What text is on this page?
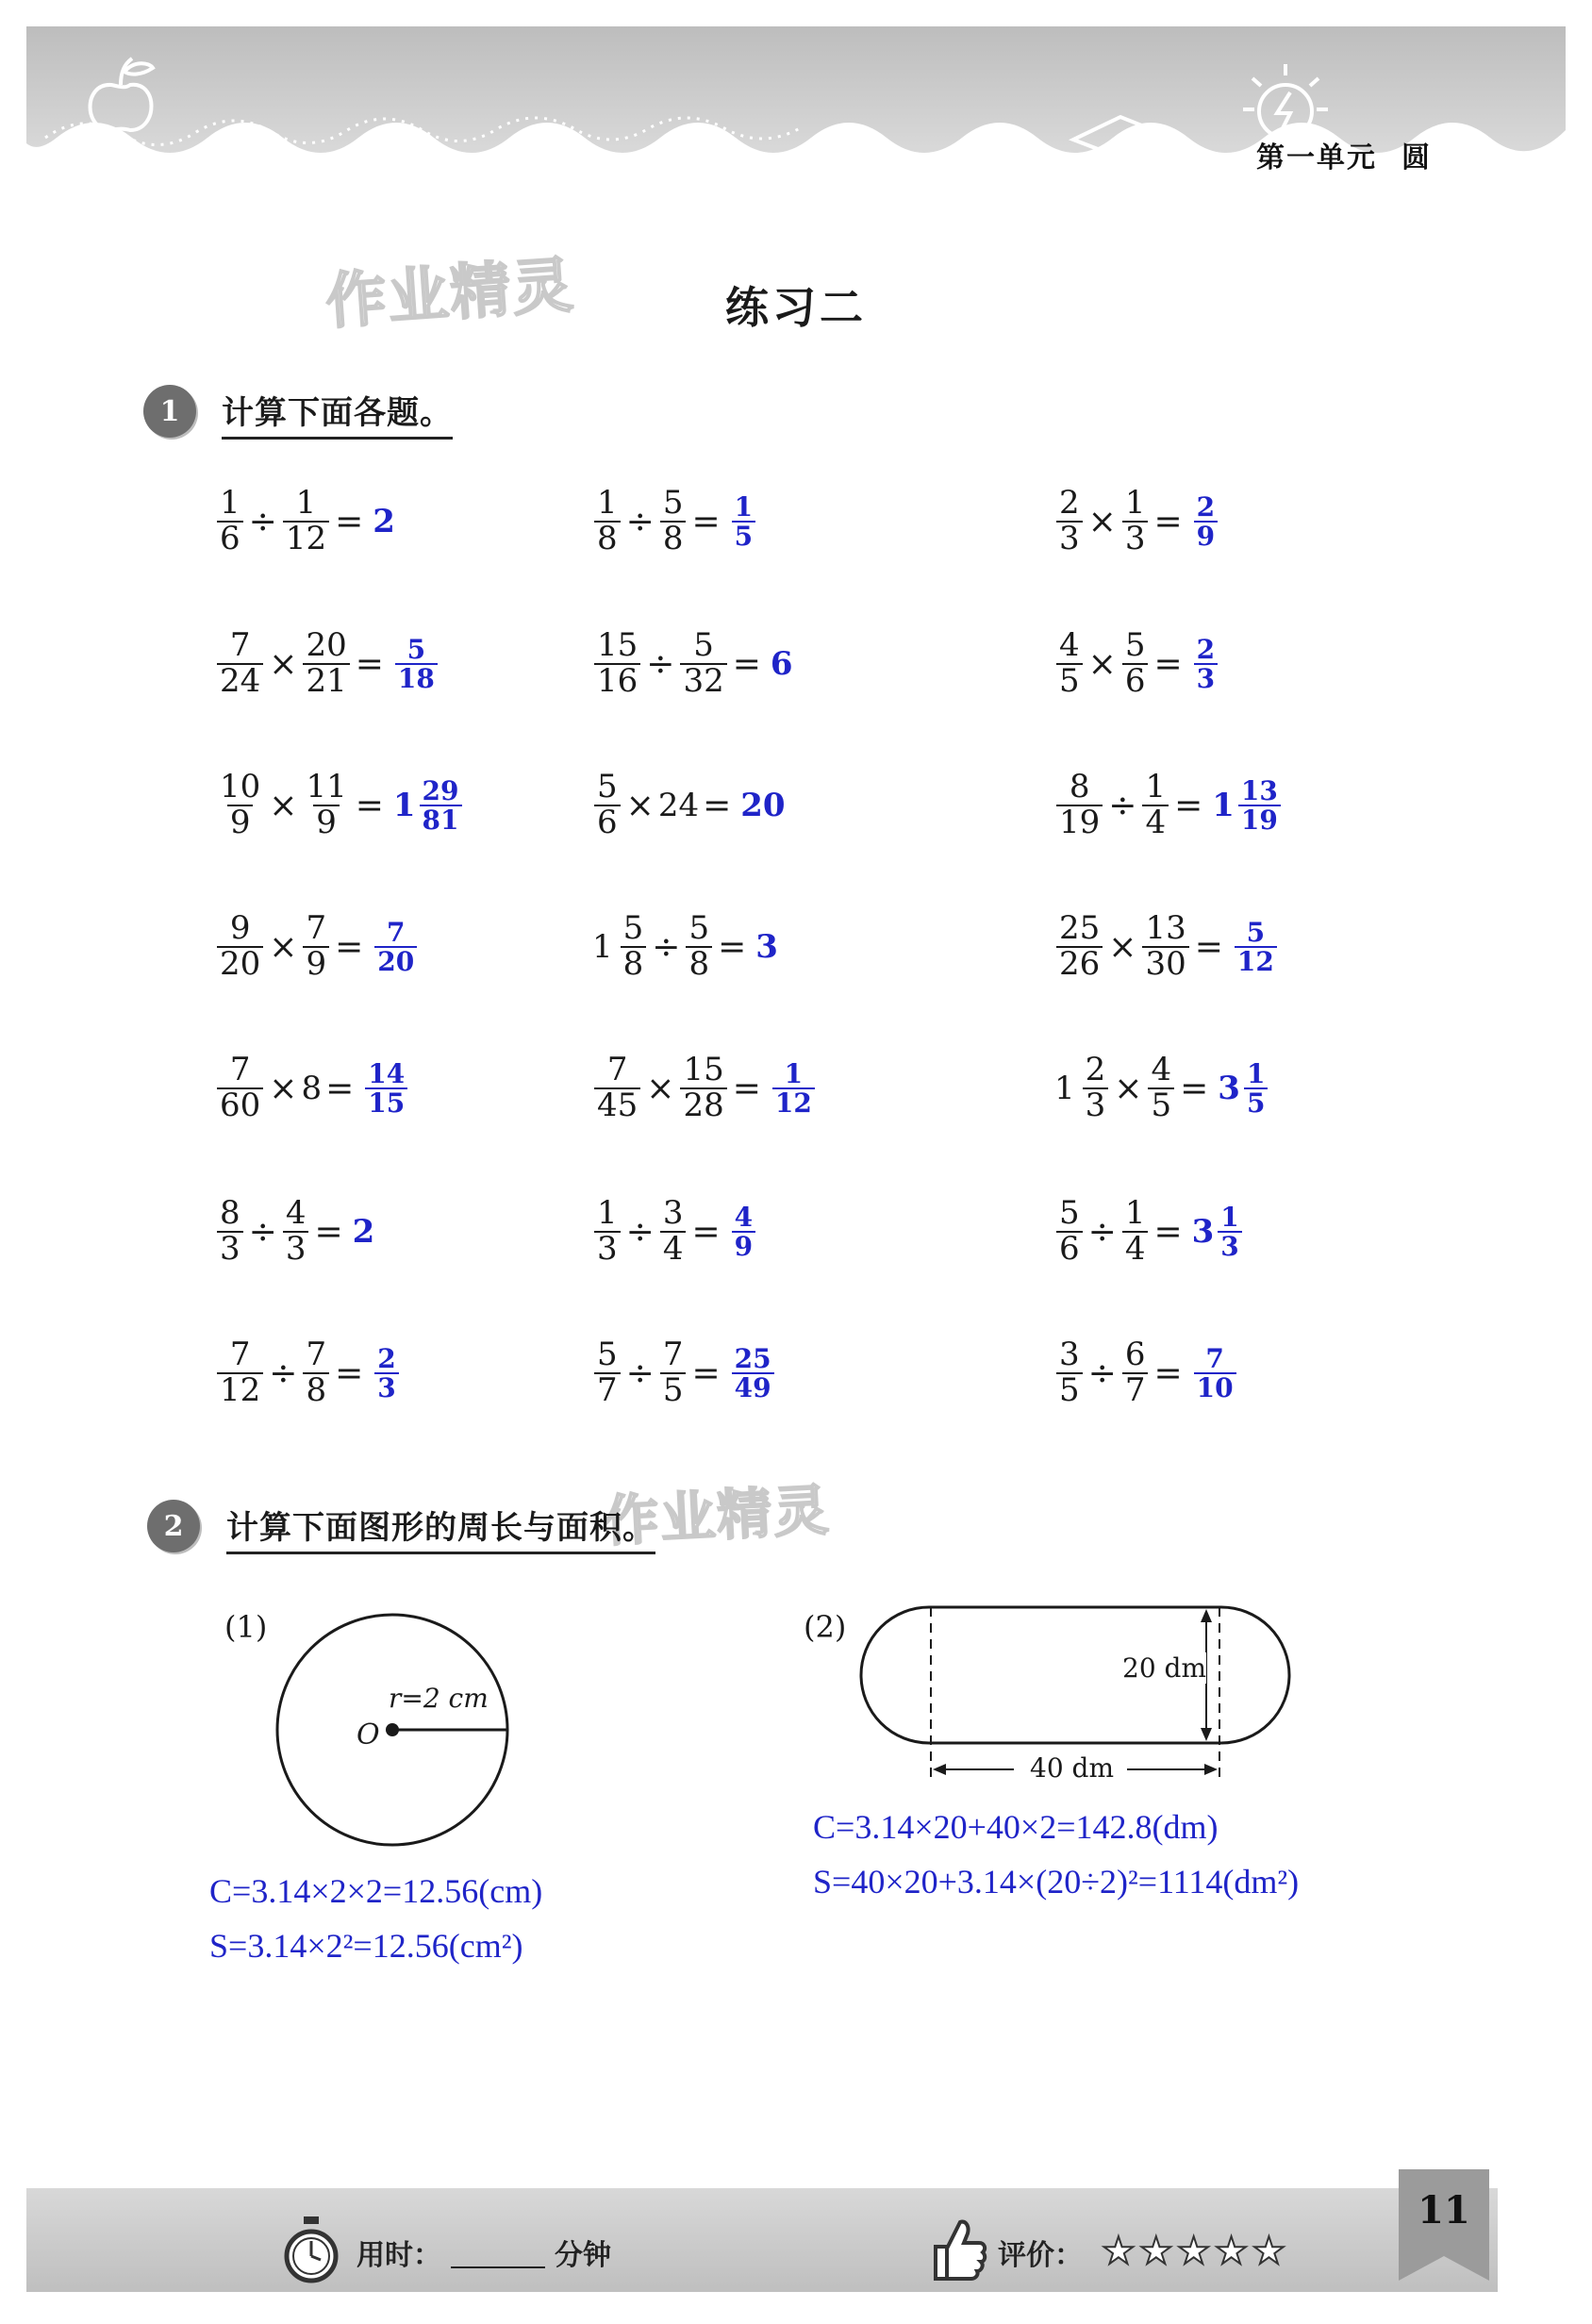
第一单元 圆
作业精灵
作业精灵
练习二
1	计算下面各题。
$\frac{1}{6} \div \frac{1}{12} = 2$	$\frac{1}{8} \div \frac{5}{8} = \frac{1}{5}$	$\frac{2}{3} \times \frac{1}{3} = \frac{2}{9}$
$\frac{7}{24} \times \frac{20}{21} = \frac{5}{18}$	$\frac{15}{16} \div \frac{5}{32} = 6$	$\frac{4}{5} \times \frac{5}{6} = \frac{2}{3}$
$\frac{10}{9} \times \frac{11}{9} = 1 \frac{29}{81}$	$\frac{5}{6} \times 24 = 20$	$\frac{8}{19} \div \frac{1}{4} = 1 \frac{13}{19}$
$\frac{9}{20} \times \frac{7}{9} = \frac{7}{20}$	$1 \frac{5}{8} \div \frac{5}{8} = 3$	$\frac{25}{26} \times \frac{13}{30} = \frac{5}{12}$
$\frac{7}{60} \times 8 = \frac{14}{15}$	$\frac{7}{45} \times \frac{15}{28} = \frac{1}{12}$	$1 \frac{2}{3} \times \frac{4}{5} = 3 \frac{1}{5}$
$\frac{8}{3} \div \frac{4}{3} = 2$	$\frac{1}{3} \div \frac{3}{4} = \frac{4}{9}$	$\frac{5}{6} \div \frac{1}{4} = 3 \frac{1}{3}$
$\frac{7}{12} \div \frac{7}{8} = \frac{2}{3}$	$\frac{5}{7} \div \frac{7}{5} = \frac{25}{49}$	$\frac{3}{5} \div \frac{6}{7} = \frac{7}{10}$
2	计算下面图形的周长与面积。
(1)
r=2 cm
O
C=3.14×2×2=12.56(cm)
S=3.14×2²=12.56(cm²)
(2)
20 dm
40 dm
C=3.14×20+40×2=142.8(dm)
S=40×20+3.14×(20÷2)²=1114(dm²)
11
用时：	分钟	评价： ★ ★ ★ ★ ★
